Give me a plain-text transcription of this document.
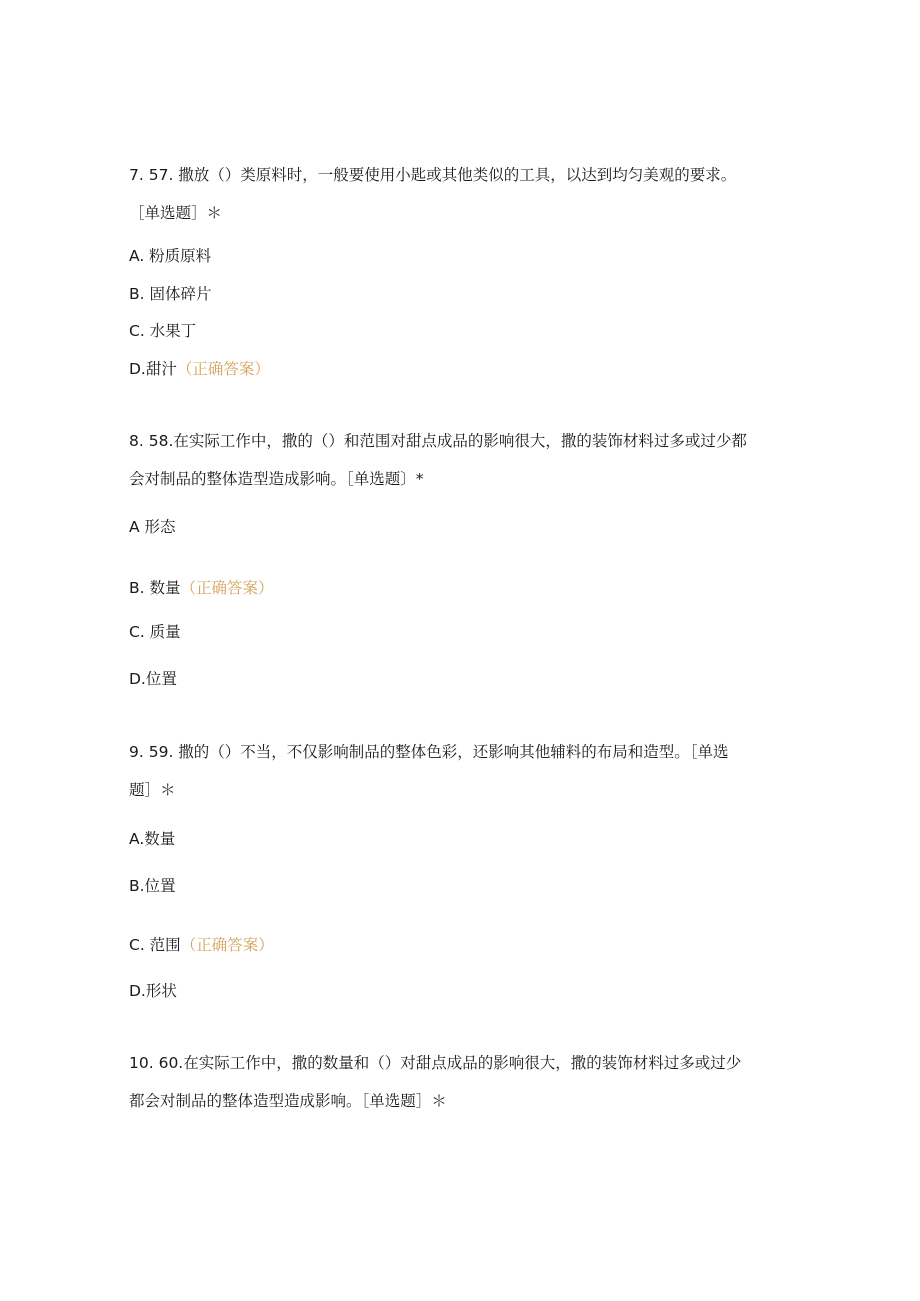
7. 57. 撒放（）类原料时，一般要使用小匙或其他类似的工具，以达到均匀美观的要求。
［单选题］＊
A. 粉质原料
B. 固体碎片
C. 水果丁
D.甜汁（正确答案）
8. 58.在实际工作中，撒的（）和范围对甜点成品的影响很大，撒的装饰材料过多或过少都
会对制品的整体造型造成影响。［单选题〕*
A 形态
B. 数量（正确答案）
C. 质量
D.位置
9. 59. 撒的（）不当，不仅影响制品的整体色彩，还影响其他辅料的布局和造型。［单选
题］＊
A.数量
B.位置
C. 范围（正确答案）
D.形状
10. 60.在实际工作中，撒的数量和（）对甜点成品的影响很大，撒的装饰材料过多或过少
都会对制品的整体造型造成影响。［单选题］＊
